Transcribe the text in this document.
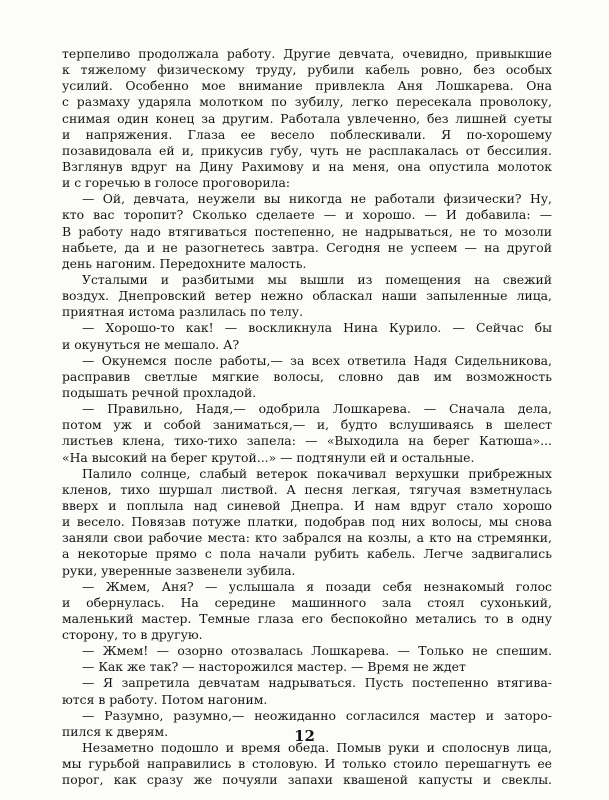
терпеливо продолжала работу. Другие девчата, очевидно, привыкшие
к тяжелому физическому труду, рубили кабель ровно, без особых
усилий. Особенно мое внимание привлекла Аня Лошкарева. Она
с размаху ударяла молотком по зубилу, легко пересекала проволоку,
снимая один конец за другим. Работала увлеченно, без лишней суеты
и напряжения. Глаза ее весело поблескивали. Я по-хорошему
позавидовала ей и, прикусив губу, чуть не расплакалась от бессилия.
Взглянув вдруг на Дину Рахимову и на меня, она опустила молоток
и с горечью в голосе проговорила:
— Ой, девчата, неужели вы никогда не работали физически? Ну,
кто вас торопит? Сколько сделаете — и хорошо. — И добавила: —
В работу надо втягиваться постепенно, не надрываться, не то мозоли
набьете, да и не разогнетесь завтра. Сегодня не успеем — на другой
день нагоним. Передохните малость.
Усталыми и разбитыми мы вышли из помещения на свежий
воздух. Днепровский ветер нежно обласкал наши запыленные лица,
приятная истома разлилась по телу.
— Хорошо-то как! — воскликнула Нина Курило. — Сейчас бы
и окунуться не мешало. А?
— Окунемся после работы,— за всех ответила Надя Сидельникова,
расправив светлые мягкие волосы, словно дав им возможность
подышать речной прохладой.
— Правильно, Надя,— одобрила Лошкарева. — Сначала дела,
потом уж и собой заниматься,— и, будто вслушиваясь в шелест
листьев клена, тихо-тихо запела: — «Выходила на берег Катюша»...
«На высокий на берег крутой...» — подтянули ей и остальные.
Палило солнце, слабый ветерок покачивал верхушки прибрежных
кленов, тихо шуршал листвой. А песня легкая, тягучая взметнулась
вверх и поплыла над синевой Днепра. И нам вдруг стало хорошо
и весело. Повязав потуже платки, подобрав под них волосы, мы снова
заняли свои рабочие места: кто забрался на козлы, а кто на стремянки,
а некоторые прямо с пола начали рубить кабель. Легче задвигались
руки, уверенные зазвенели зубила.
— Жмем, Аня? — услышала я позади себя незнакомый голос
и обернулась. На середине машинного зала стоял сухонький,
маленький мастер. Темные глаза его беспокойно метались то в одну
сторону, то в другую.
— Жмем! — озорно отозвалась Лошкарева. — Только не спешим.
— Как же так? — насторожился мастер. — Время не ждет
— Я запретила девчатам надрываться. Пусть постепенно втягива-
ются в работу. Потом нагоним.
— Разумно, разумно,— неожиданно согласился мастер и заторо-
пился к дверям.
Незаметно подошло и время обеда. Помыв руки и сполоснув лица,
мы гурьбой направились в столовую. И только стоило перешагнуть ее
порог, как сразу же почуяли запахи квашеной капусты и свеклы.
12
